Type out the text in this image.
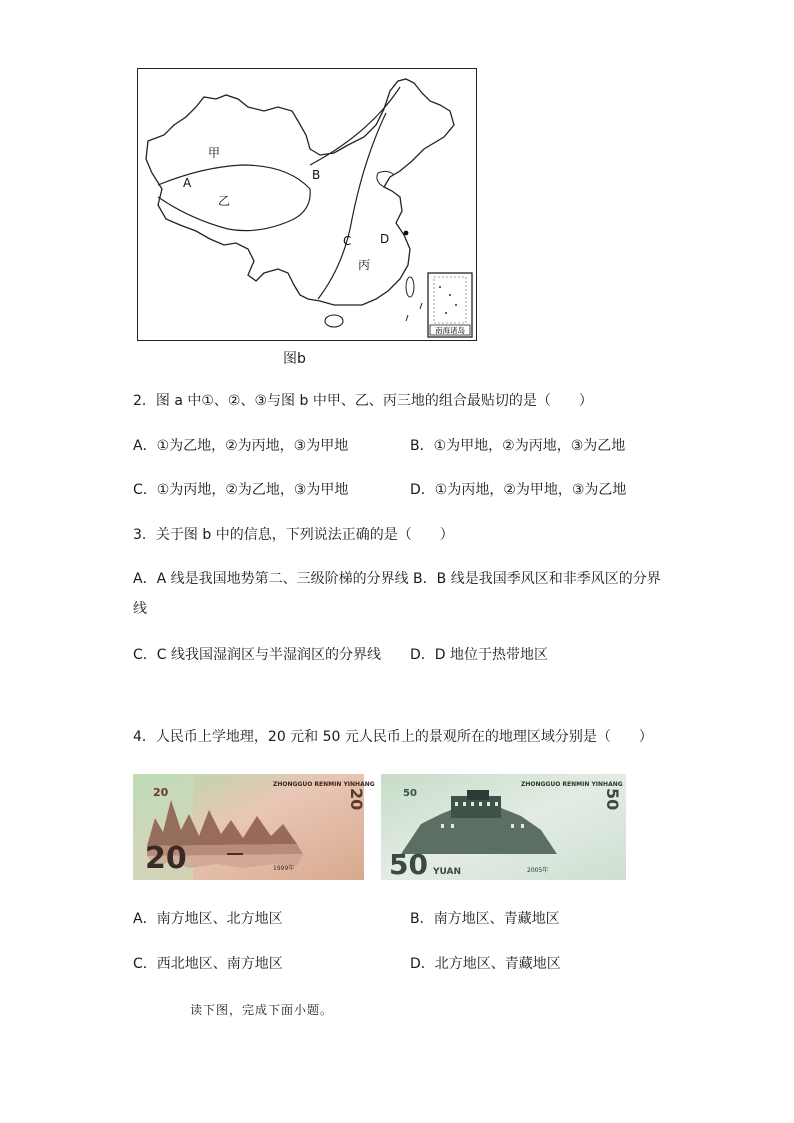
甲
A
乙
B
C D
丙
南海诸岛
图b
2．图 a 中①、②、③与图 b 中甲、乙、丙三地的组合最贴切的是（　　）
A．①为乙地，②为丙地，③为甲地	B．①为甲地，②为丙地，③为乙地
C．①为丙地，②为乙地，③为甲地	D．①为丙地，②为甲地，③为乙地
3．关于图 b 中的信息，下列说法正确的是（　　）
A．A 线是我国地势第二、三级阶梯的分界线 B．B 线是我国季风区和非季风区的分界
线
C．C 线我国湿润区与半湿润区的分界线 D．D 地位于热带地区
4．人民币上学地理，20 元和 50 元人民币上的景观所在的地理区域分别是（　　）
ZHONGGUO RENMIN YINHANG
20
20
20
1999年
ZHONGGUO RENMIN YINHANG
50
50 YUAN
50
2005年
A．南方地区、北方地区	B．南方地区、青藏地区
C．西北地区、南方地区	D．北方地区、青藏地区
读下图，完成下面小题。
